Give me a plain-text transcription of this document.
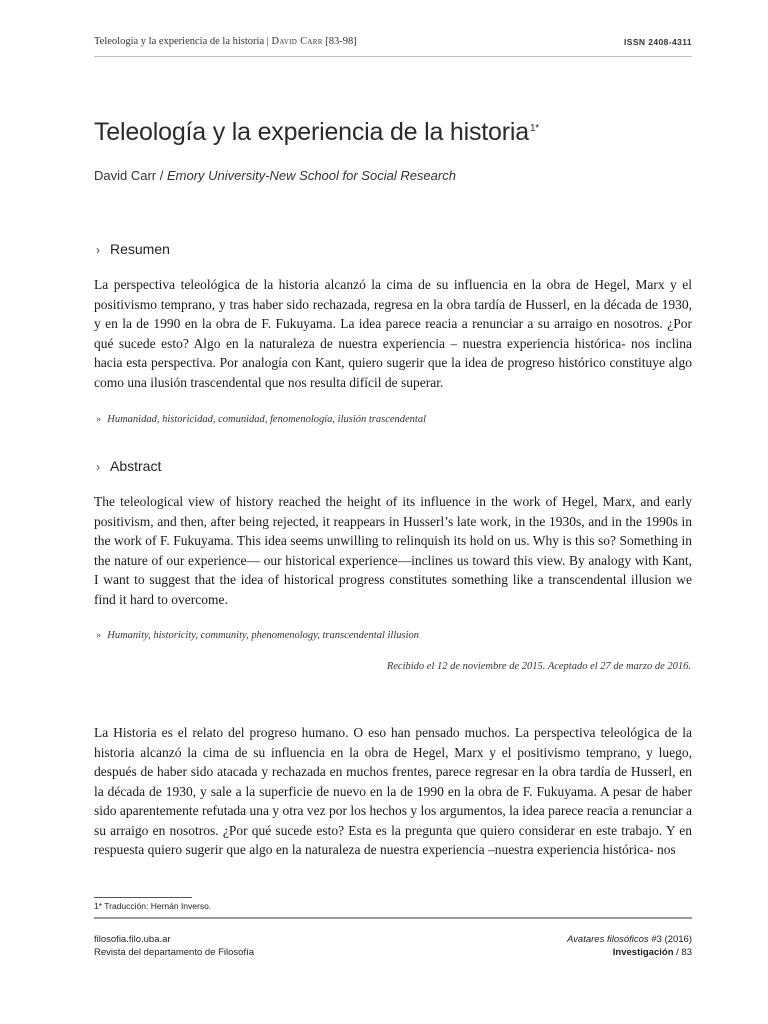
Teleología y la experiencia de la historia | David Carr [83-98]	ISSN 2408-4311
Teleología y la experiencia de la historia$^{1*}$
David Carr / Emory University-New School for Social Research
› Resumen

La perspectiva teleológica de la historia alcanzó la cima de su influencia en la obra de Hegel, Marx y el positivismo temprano, y tras haber sido rechazada, regresa en la obra tardía de Husserl, en la década de 1930, y en la de 1990 en la obra de F. Fukuyama. La idea parece reacia a renunciar a su arraigo en nosotros. ¿Por qué sucede esto? Algo en la naturaleza de nuestra experiencia – nuestra experiencia histórica- nos inclina hacia esta perspectiva. Por analogía con Kant, quiero sugerir que la idea de progreso histórico constituye algo como una ilusión trascendental que nos resulta difícil de superar.

» Humanidad, historicidad, comunidad, fenomenología, ilusión trascendental
› Abstract

The teleological view of history reached the height of its influence in the work of Hegel, Marx, and early positivism, and then, after being rejected, it reappears in Husserl’s late work, in the 1930s, and in the 1990s in the work of F. Fukuyama. This idea seems unwilling to relinquish its hold on us. Why is this so? Something in the nature of our experience— our historical experience—inclines us toward this view. By analogy with Kant, I want to suggest that the idea of historical progress constitutes something like a transcendental illusion we find it hard to overcome.

» Humanity, historicity, community, phenomenology, transcendental illusion
Recibido el 12 de noviembre de 2015. Aceptado el 27 de marzo de 2016.

La Historia es el relato del progreso humano. O eso han pensado muchos. La perspectiva teleológica de la historia alcanzó la cima de su influencia en la obra de Hegel, Marx y el positivismo temprano, y luego, después de haber sido atacada y rechazada en muchos frentes, parece regresar en la obra tardía de Husserl, en la década de 1930, y sale a la superficie de nuevo en la de 1990 en la obra de F. Fukuyama. A pesar de haber sido aparentemente refutada una y otra vez por los hechos y los argumentos, la idea parece reacia a renunciar a su arraigo en nosotros. ¿Por qué sucede esto? Esta es la pregunta que quiero considerar en este trabajo. Y en respuesta quiero sugerir que algo en la naturaleza de nuestra experiencia –nuestra experiencia histórica- nos

1* Traducción: Hernán Inverso.
filosofia.filo.uba.ar
Revista del departamento de Filosofía
Avatares filosóficos #3 (2016)
Investigación / 83
